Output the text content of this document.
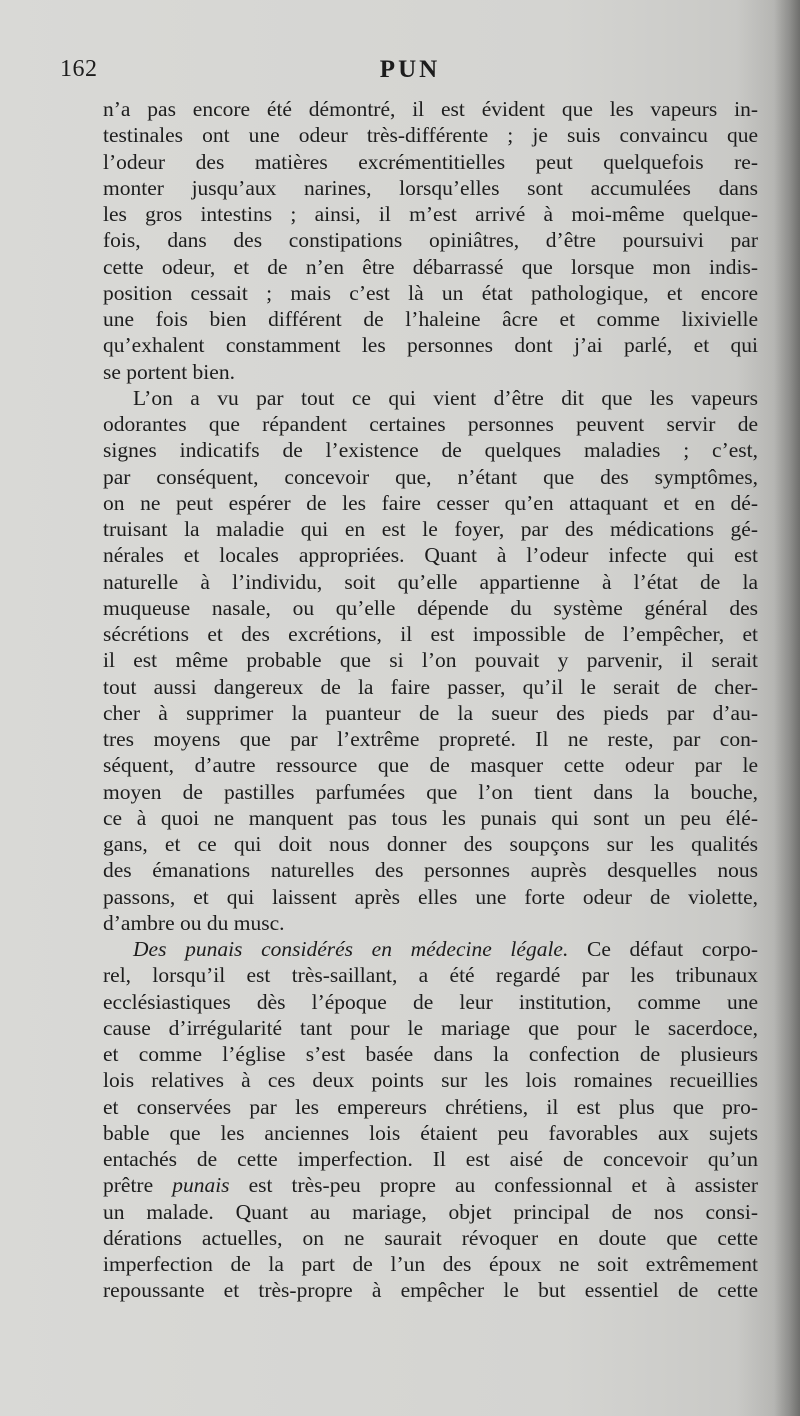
162	PUN
n’a pas encore été démontré, il est évident que les vapeurs in-
testinales ont une odeur très-différente ; je suis convaincu que
l’odeur des matières excrémentitielles peut quelquefois re-
monter jusqu’aux narines, lorsqu’elles sont accumulées dans
les gros intestins ; ainsi, il m’est arrivé à moi-même quelque-
fois, dans des constipations opiniâtres, d’être poursuivi par
cette odeur, et de n’en être débarrassé que lorsque mon indis-
position cessait ; mais c’est là un état pathologique, et encore
une fois bien différent de l’haleine âcre et comme lixivielle
qu’exhalent constamment les personnes dont j’ai parlé, et qui
se portent bien.
L’on a vu par tout ce qui vient d’être dit que les vapeurs
odorantes que répandent certaines personnes peuvent servir de
signes indicatifs de l’existence de quelques maladies ; c’est,
par conséquent, concevoir que, n’étant que des symptômes,
on ne peut espérer de les faire cesser qu’en attaquant et en dé-
truisant la maladie qui en est le foyer, par des médications gé-
nérales et locales appropriées. Quant à l’odeur infecte qui est
naturelle à l’individu, soit qu’elle appartienne à l’état de la
muqueuse nasale, ou qu’elle dépende du système général des
sécrétions et des excrétions, il est impossible de l’empêcher, et
il est même probable que si l’on pouvait y parvenir, il serait
tout aussi dangereux de la faire passer, qu’il le serait de cher-
cher à supprimer la puanteur de la sueur des pieds par d’au-
tres moyens que par l’extrême propreté. Il ne reste, par con-
séquent, d’autre ressource que de masquer cette odeur par le
moyen de pastilles parfumées que l’on tient dans la bouche,
ce à quoi ne manquent pas tous les punais qui sont un peu élé-
gans, et ce qui doit nous donner des soupçons sur les qualités
des émanations naturelles des personnes auprès desquelles nous
passons, et qui laissent après elles une forte odeur de violette,
d’ambre ou du musc.
Des punais considérés en médecine légale. Ce défaut corpo-
rel, lorsqu’il est très-saillant, a été regardé par les tribunaux
ecclésiastiques dès l’époque de leur institution, comme une
cause d’irrégularité tant pour le mariage que pour le sacerdoce,
et comme l’église s’est basée dans la confection de plusieurs
lois relatives à ces deux points sur les lois romaines recueillies
et conservées par les empereurs chrétiens, il est plus que pro-
bable que les anciennes lois étaient peu favorables aux sujets
entachés de cette imperfection. Il est aisé de concevoir qu’un
prêtre punais est très-peu propre au confessionnal et à assister
un malade. Quant au mariage, objet principal de nos consi-
dérations actuelles, on ne saurait révoquer en doute que cette
imperfection de la part de l’un des époux ne soit extrêmement
repoussante et très-propre à empêcher le but essentiel de cette
